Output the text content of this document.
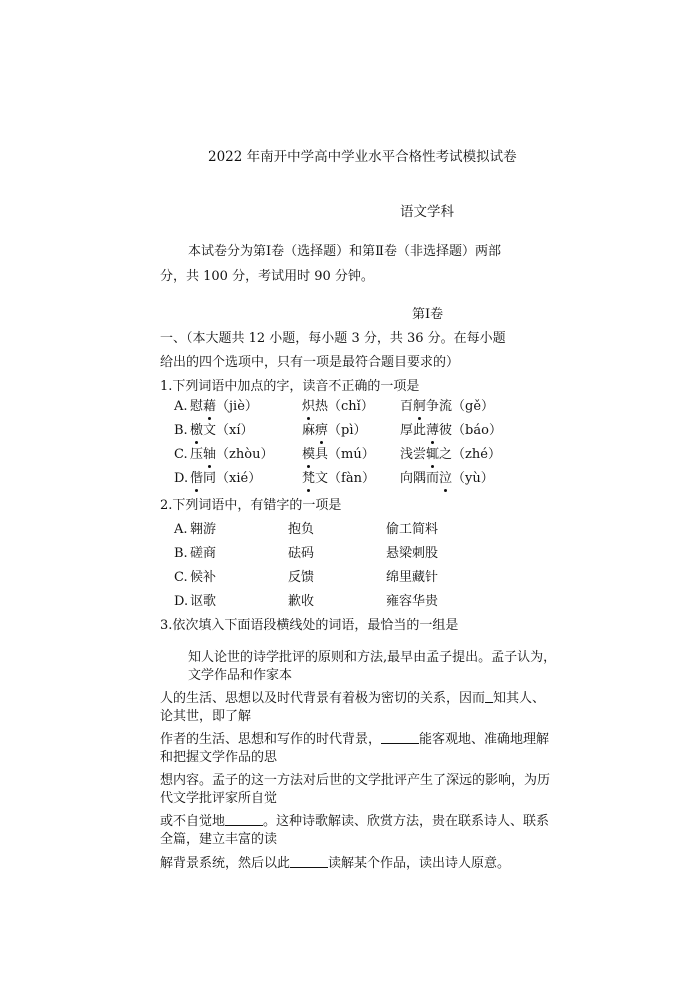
2022 年南开中学高中学业水平合格性考试模拟试卷
语文学科
本试卷分为第Ⅰ卷（选择题）和第Ⅱ卷（非选择题）两部
分，共 100 分，考试用时 90 分钟。
第Ⅰ卷
一、（本大题共 12 小题，每小题 3 分，共 36 分。在每小题
给出的四个选项中，只有一项是最符合题目要求的）
1.下列词语中加点的字，读音不正确的一项是
A. 慰藉（jiè）	炽热（chǐ） 百舸争流（gě）
B. 檄文（xí）	麻痹（pì）	厚此薄彼（báo）
C. 压轴（zhòu） 模具（mú） 浅尝辄之（zhé）
D. 偕同（xié）	梵文（fàn） 向隅而泣（yù）
2.下列词语中，有错字的一项是
A. 翱游	抱负	偷工简料
B. 磋商	砝码	悬梁刺股
C. 候补	反馈	绵里藏针
D. 讴歌	歉收	雍容华贵
3.依次填入下面语段横线处的词语，最恰当的一组是
知人论世的诗学批评的原则和方法,最早由孟子提出。孟子认为，
文学作品和作家本
人的生活、思想以及时代背景有着极为密切的关系，因而 知其人、
论其世，即了解
作者的生活、思想和写作的时代背景，	能客观地、准确地理解
和把握文学作品的思
想内容。孟子的这一方法对后世的文学批评产生了深远的影响，为历
代文学批评家所自觉
或不自觉地	。这种诗歌解读、欣赏方法，贵在联系诗人、联系
全篇，建立丰富的读
解背景系统，然后以此	读解某个作品，读出诗人原意。
